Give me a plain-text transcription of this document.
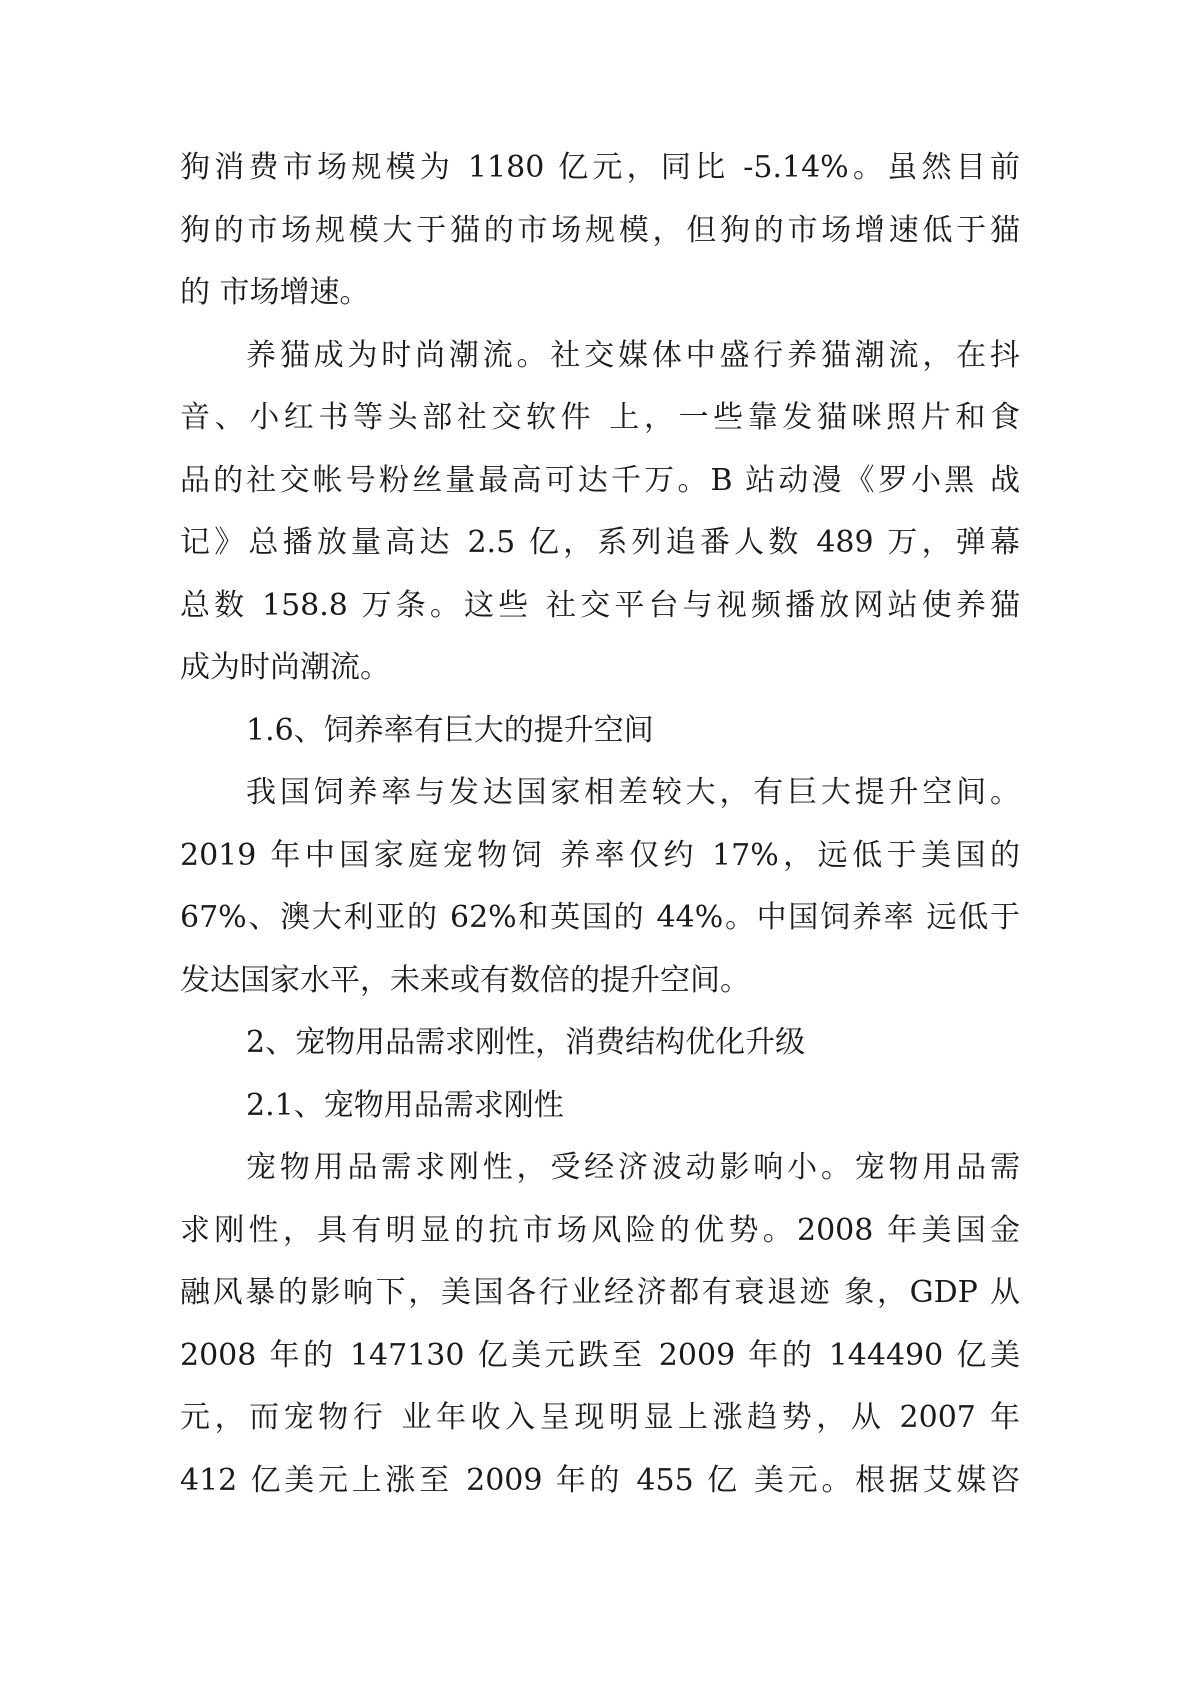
狗消费市场规模为 1180 亿元，同比 -5.14%。虽然目前
狗的市场规模大于猫的市场规模，但狗的市场增速低于猫
的 市场增速。
养猫成为时尚潮流。社交媒体中盛行养猫潮流，在抖
音、小红书等头部社交软件 上，一些靠发猫咪照片和食
品的社交帐号粉丝量最高可达千万。B 站动漫《罗小黑 战
记》总播放量高达 2.5 亿，系列追番人数 489 万，弹幕
总数 158.8 万条。这些 社交平台与视频播放网站使养猫
成为时尚潮流。
1.6、饲养率有巨大的提升空间
我国饲养率与发达国家相差较大，有巨大提升空间。
2019 年中国家庭宠物饲 养率仅约 17%，远低于美国的
67%、澳大利亚的 62%和英国的 44%。中国饲养率 远低于
发达国家水平，未来或有数倍的提升空间。
2、宠物用品需求刚性，消费结构优化升级
2.1、宠物用品需求刚性
宠物用品需求刚性，受经济波动影响小。宠物用品需
求刚性，具有明显的抗市场风险的优势。2008 年美国金
融风暴的影响下，美国各行业经济都有衰退迹 象，GDP 从
2008 年的 147130 亿美元跌至 2009 年的 144490 亿美
元，而宠物行 业年收入呈现明显上涨趋势，从 2007 年
412 亿美元上涨至 2009 年的 455 亿 美元。根据艾媒咨
